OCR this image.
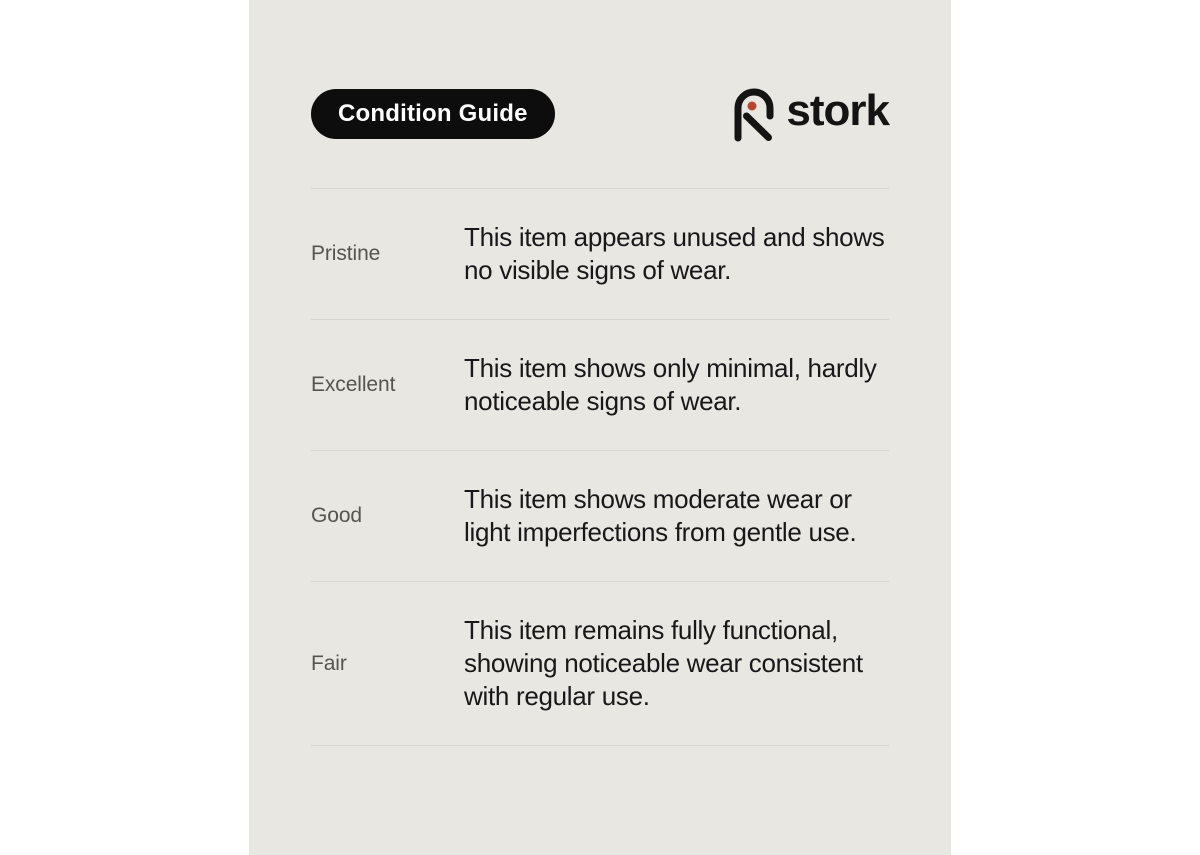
Condition Guide	stork
Pristine
This item appears unused and shows no visible signs of wear.
Excellent
This item shows only minimal, hardly noticeable signs of wear.
Good
This item shows moderate wear or light imperfections from gentle use.
Fair
This item remains fully functional, showing noticeable wear consistent with regular use.
